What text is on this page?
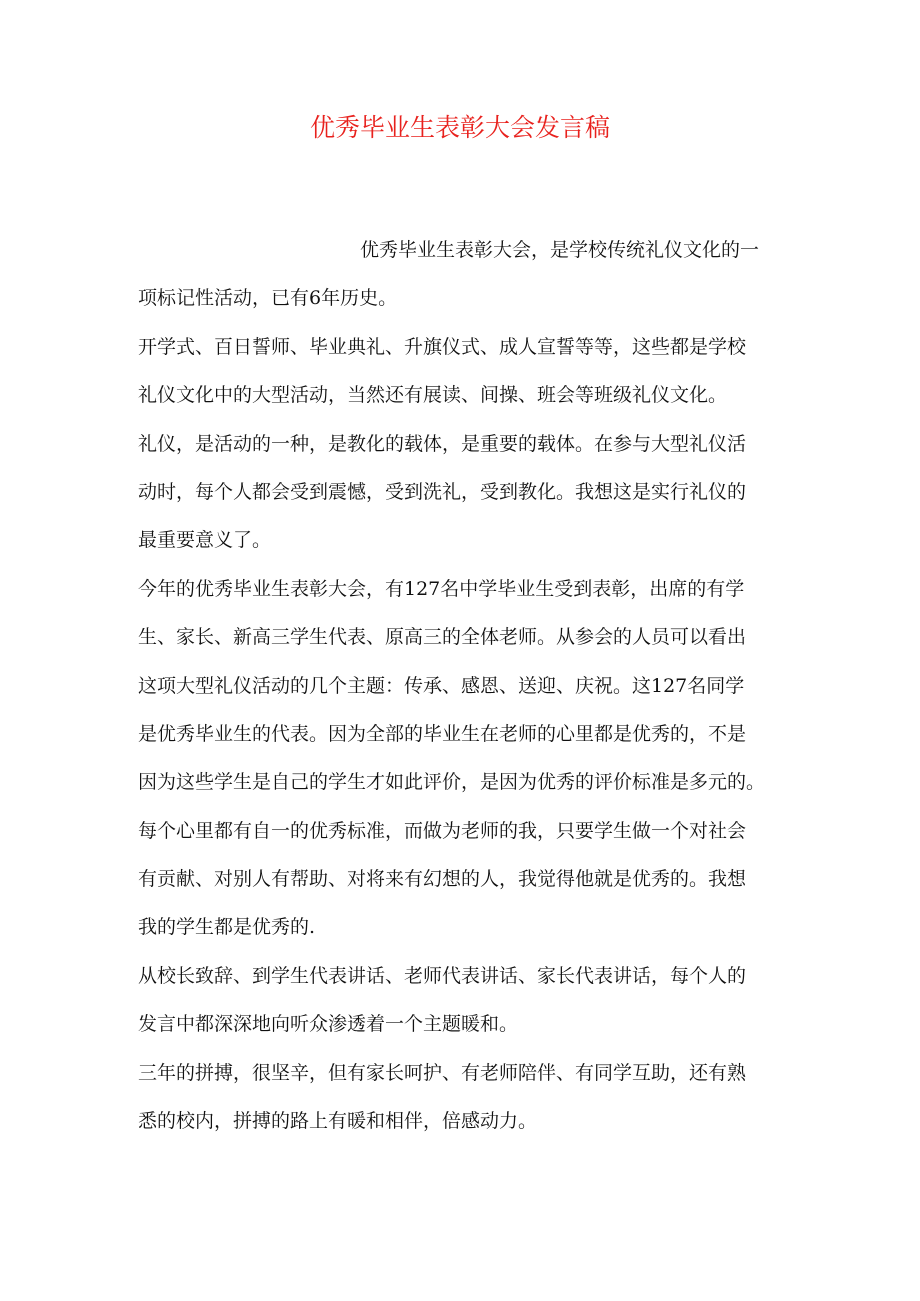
优秀毕业生表彰大会发言稿
优秀毕业生表彰大会，是学校传统礼仪文化的一
项标记性活动，已有6年历史。
开学式、百日誓师、毕业典礼、升旗仪式、成人宣誓等等，这些都是学校
礼仪文化中的大型活动，当然还有展读、间操、班会等班级礼仪文化。
礼仪，是活动的一种，是教化的载体，是重要的载体。在参与大型礼仪活
动时，每个人都会受到震憾，受到洗礼，受到教化。我想这是实行礼仪的
最重要意义了。
今年的优秀毕业生表彰大会，有127名中学毕业生受到表彰，出席的有学
生、家长、新高三学生代表、原高三的全体老师。从参会的人员可以看出
这项大型礼仪活动的几个主题：传承、感恩、送迎、庆祝。这127名同学
是优秀毕业生的代表。因为全部的毕业生在老师的心里都是优秀的，不是
因为这些学生是自己的学生才如此评价，是因为优秀的评价标准是多元的。
每个心里都有自一的优秀标准，而做为老师的我，只要学生做一个对社会
有贡献、对别人有帮助、对将来有幻想的人，我觉得他就是优秀的。我想
我的学生都是优秀的.
从校长致辞、到学生代表讲话、老师代表讲话、家长代表讲话，每个人的
发言中都深深地向听众渗透着一个主题暖和。
三年的拼搏，很坚辛，但有家长呵护、有老师陪伴、有同学互助，还有熟
悉的校内，拼搏的路上有暖和相伴，倍感动力。
